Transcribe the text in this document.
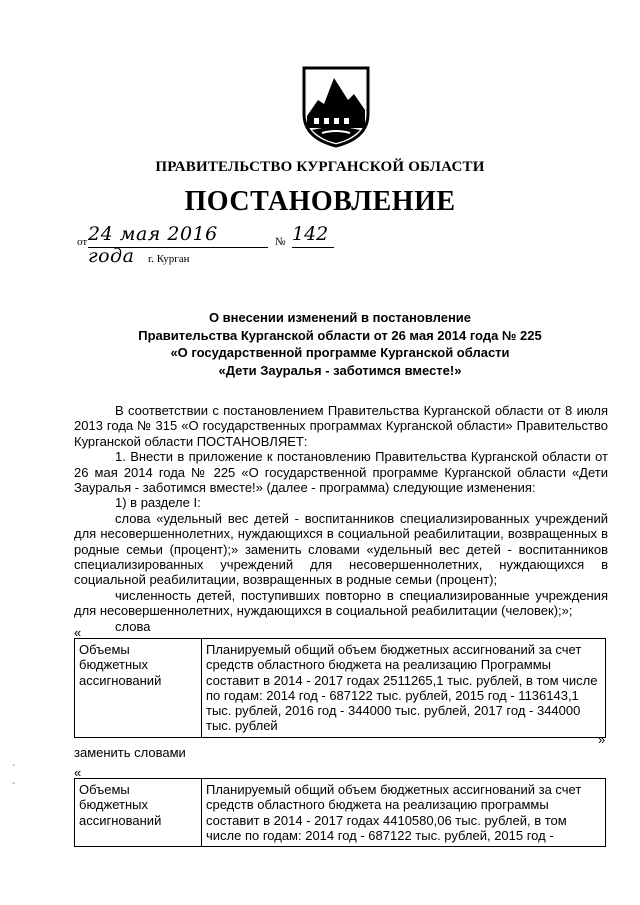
ПРАВИТЕЛЬСТВО КУРГАНСКОЙ ОБЛАСТИ
ПОСТАНОВЛЕНИЕ
от 24 мая 2016 года
№ 142
г. Курган
О внесении изменений в постановление
Правительства Курганской области от 26 мая 2014 года № 225
«О государственной программе Курганской области
«Дети Зауралья - заботимся вместе!»

В соответствии с постановлением Правительства Курганской области от 8 июля 2013 года № 315 «О государственных программах Курганской области» Правительство Курганской области ПОСТАНОВЛЯЕТ:

1. Внести в приложение к постановлению Правительства Курганской области от 26 мая 2014 года № 225 «О государственной программе Курганской области «Дети Зауралья - заботимся вместе!» (далее - программа) следующие изменения:

1) в разделе I:

слова «удельный вес детей - воспитанников специализированных учреждений для несовершеннолетних, нуждающихся в социальной реабилитации, возвращенных в родные семьи (процент);» заменить словами «удельный вес детей - воспитанников специализированных учреждений для несовершеннолетних, нуждающихся в социальной реабилитации, возвращенных в родные семьи (процент);

численность детей, поступивших повторно в специализированные учреждения для несовершеннолетних, нуждающихся в социальной реабилитации (человек);»;

слова

«
Объемы бюджетных ассигнований	Планируемый общий объем бюджетных ассигнований за счет средств областного бюджета на реализацию Программы составит в 2014 - 2017 годах 2511265,1 тыс. рублей, в том числе по годам: 2014 год - 687122 тыс. рублей, 2015 год - 1136143,1 тыс. рублей, 2016 год - 344000 тыс. рублей, 2017 год - 344000 тыс. рублей
»
заменить словами
«
Объемы бюджетных ассигнований	Планируемый общий объем бюджетных ассигнований за счет средств областного бюджета на реализацию программы составит в 2014 - 2017 годах 4410580,06 тыс. рублей, в том числе по годам: 2014 год - 687122 тыс. рублей, 2015 год -
-
-
